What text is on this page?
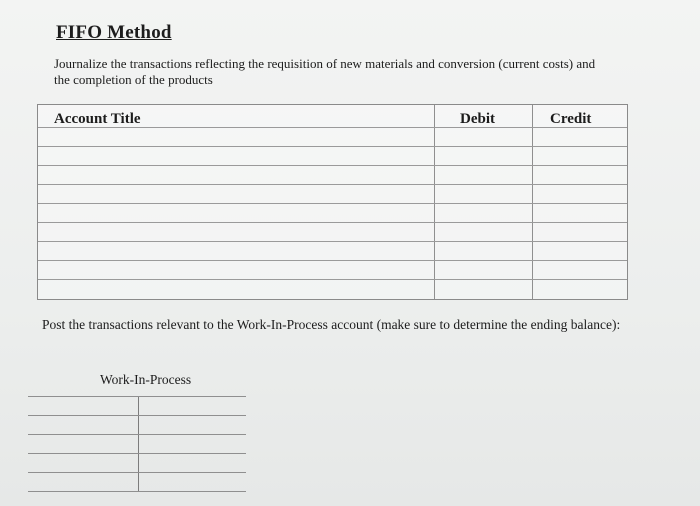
FIFO Method
Journalize the transactions reflecting the requisition of new materials and conversion (current costs) and the completion of the products
Account Title	Debit	Credit
Post the transactions relevant to the Work-In-Process account (make sure to determine the ending balance):
Work-In-Process
